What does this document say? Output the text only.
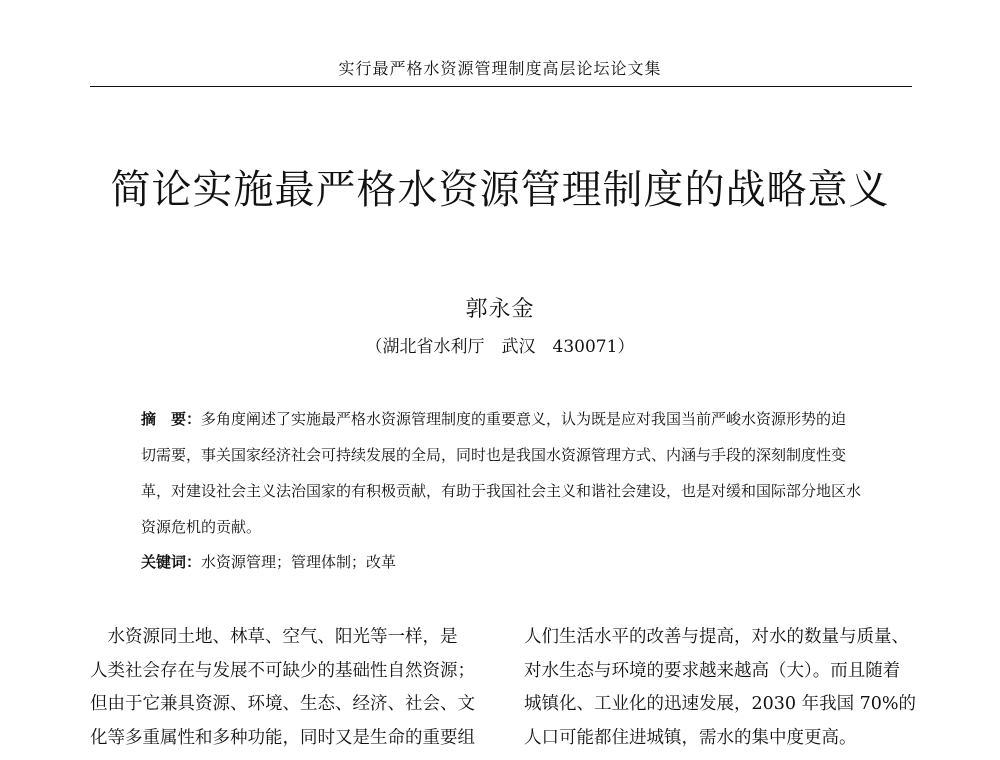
实行最严格水资源管理制度高层论坛论文集
简论实施最严格水资源管理制度的战略意义
郭永金
（湖北省水利厅　武汉　430071）
摘　要：多角度阐述了实施最严格水资源管理制度的重要意义，认为既是应对我国当前严峻水资源形势的迫切需要，事关国家经济社会可持续发展的全局，同时也是我国水资源管理方式、内涵与手段的深刻制度性变革，对建设社会主义法治国家的有积极贡献，有助于我国社会主义和谐社会建设，也是对缓和国际部分地区水资源危机的贡献。
关键词：水资源管理；管理体制；改革
　水资源同土地、林草、空气、阳光等一样，是
人类社会存在与发展不可缺少的基础性自然资源；
但由于它兼具资源、环境、生态、经济、社会、文
化等多重属性和多种功能，同时又是生命的重要组
人们生活水平的改善与提高，对水的数量与质量、
对水生态与环境的要求越来越高（大）。而且随着
城镇化、工业化的迅速发展，2030 年我国 70%的
人口可能都住进城镇，需水的集中度更高。
